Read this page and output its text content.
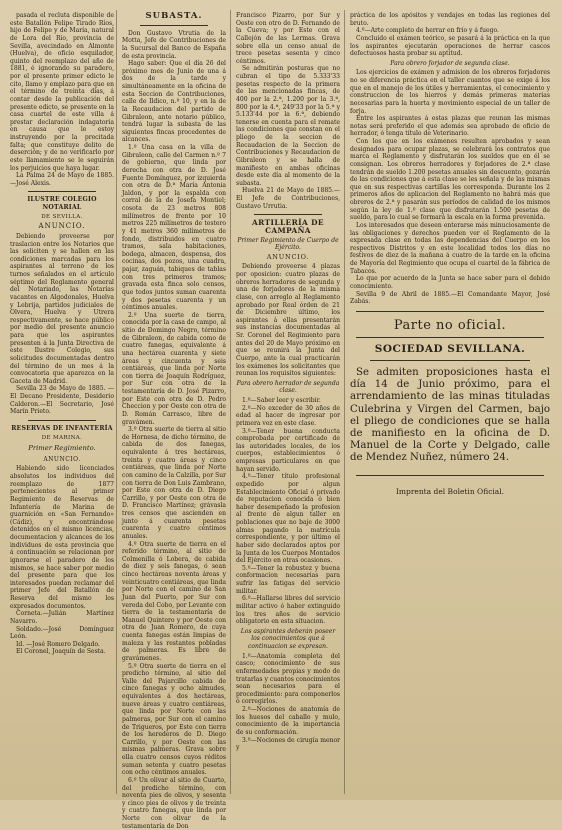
pasada el recluta disponible de este Batallón Felipe Tirado Ríos, hijo de Felipe y de María, natural de Lora del Río, provincia de Sevilla, avecindado en Almonte (Huelva), de oficio esquilador, quinto del reemplazo del año de 1881, é ignorando su paradero, por el presente primer edicto le cito, llamo y emplazo para que en el término de treinta días, á contar desde la publicación del presente edicto, se presente en la casa cuartel de este villa á prestar declaración indagatoria en causa que le estoy instruyendo por la precitada falta; que constituye delito de deserción; y de no verificarlo por este llamamiento se le seguirán los perjuicios que haya lugar.

La Palma 24 de Mayo de 1885.—José Alexis.

ILUSTRE COLEGIO NOTARIAL
DE SEVILLA.
ANUNCIO.

Debiendo proveerse por traslacion entre los Notarios que las soliciten y se hallen en las condiciones marcadas para los aspirantes al terreno de los turnos señalados en el artículo séptimo del Reglamento general del Notariado, las Notarías vacantes en Algodonales, Huelva y Lebrija, partidos judiciales de Olvera, Huelva y Utrera respectivamente, se hace público por medio del presente anuncio para que los aspirantes presenten á la Junta Directiva de este Ilustre Colegio, sus solicitudes documentadas dentro del término de un mes á la convocatoria que aparezca en la Gaceta de Madrid.

Sevilla 23 de Mayo de 1885. —El Decano Presidente, Desiderio Calderon.—El Secretario, José Marín Prieto.

RESERVAS DE INFANTERÍA
DE MARINA.
Primer Regimiento.
ANUNCIO.

Habiendo sido licenciados absolutos los individuos del reemplazo de 1877 pertenecientes al primer Regimiento de Reservas de Infantería de Marina de guarnición en «San Fernando» (Cádiz), y encontrándose detenidos en el mismo licencias, documentacion y alcances de los individuos de esta provincia que á continuación se relacionan por ignorarse el paradero de los mismos, se hace saber por medio del presente para que los interesados puedan reclamar del primer Jefe del Batallón de Reserva del mismo los expresados documentos.

Corneta.—Julián Martínez Navarro.

Soldado.—José Domínguez León.

Id. —José Romero Delgado.

El Coronel, Joaquín de Sesta.

SUBASTA.

Don Gustavo Vtrutia de la Motta, Jefe de Contribuciones de la Sucursal del Banco de España de esta provincia.

Hago saber: Que el día 26 del próximo mes de Junio de una á dos de la tarde y simultáneamente en la oficina de esta Seccion de Contribuciones, calle de Ildico, n.º 10, y en la de la Recaudacion del partido de Gibraleon, ante notario público, tendrá lugar la subasta de las siguientes fincas procedentes de alcances.

1.º Una casa en la villa de Gibraleon, calle del Carmen n.º 7 de gobierno, que linda por derecha con otra de D. José Fuente Domínguez, por izquierda con otra de D.ª María Antonia Jaldon, y por la espalda con corral de la de Josefa Montiel; cosota de 23 metros 808 milímetros de frente por 10 metros 225 milímetros de testero y 41 metros 360 milímetros de fondo, distribuidos en cuatro tramos, sala habitaciones, bodega, almacen, despensa, dos cocinas, dos pozos, una cuadra, pajar, zaguán, tabiques de tablas con tres primeros tramos; gravada esta finca solo censos, que todos juntos suman cuarenta y dos pesetas cuarenta y un céntimos anuales.

2.º Una suerte de tierra, conocida por la casa de campo, al sitio de Domingo Negro, término de Gibraleon, de cabida como de cuatro fanegas, equivalente á una hectárea cuarenta y siete áreas y cincuenta y seis centiáreas, que linda por Norte con tierra de Joaquín Rodríguez, por Sur con otra de la testamentaría de D. José Pizarro, por Este con otra de D. Pedro Checcion y por Oeste con otra de D. Román Carrasco, libre de gravámen.

3.º Otra suerte de tierra al sitio de Hornesa, de dicho término, de cabida de dos fanegas, equivalente á tres hectáreas, treinta y cuatro áreas y cinco centiáreas, que linda por Norte con camino de la Calzilla, por Sur con tierra de Don Luis Zambrano, por Este con otra de D. Diego Carrillo, y por Oeste con otra de D. Francisco Martínez; grávasla tres censos que ascienden en junto á cuarenta pesetas cuarenta y cuatro céntimos anuales.

4.º Otra suerte de tierra en el referido término, al sitio de Colmenilla ó Lobera, de cabida de diez y seis fanegas, ó sean cinco hectáreas noventa áreas y veinticuatro centiáreas, que linda por Norte con el camino de San Juan del Puerto, por Sur con vereda del Cobo, por Levante con tierra de la testamentaría de Manuel Quintero y por Oeste con otra de Juan Romero, de cuya cuenta fanegas están limpias de maleza y las restantes pobladas de palmeras. Es libre de gravámenes.

5.º Otra suerte de tierra en el predicho término, al sitio del Valle del Pajarcillo cabida de cinco fanegas y ocho almudes, equivalentes á dos hectáreas, nueve áreas y cuatro centiáreas, que linda por Norte con las palmeras, por Sur con el camino de Trigueros, por Este con tierra de los herederos de D. Diego Carrillo, y por Oeste con las mismas palmeras. Grava sobre ella cuatro censos cuyos réditos suman setenta y cuatro pesetas con ocho céntimos anuales.

6.º Un olivar al sitio de Cuarto, del predicho término, con noventa pies de olivos, y sesenta y cinco pies de olivos y de treinta y cuatro fanegas, que linda por Norte con olivar de la testamentaría de Don

Francisco Pizarro, por Sur y Oeste con otro de D. Fernando de la Cueva; y por Este con el Callejón de las Lermas. Grava sobre ella un censo anual de trece pesetas sesenta y cinco céntimos.

Se admitirán posturas que no cubran el tipo de 5.333'33 pesetas respecto de la primera de las mencionadas fincas, de 400 por la 2.ª, 1.200 por la 3.ª, 800 por la 4.ª, 249'33 por la 5.ª y 5.133'44 por la 6.ª, debiendo tenerse en cuenta para el remate las condiciones que constan en el pliego de la seccion de Recaudacion de la Seccion de Contribuciones y Recaudacion de Gibraleon y se halla de manifiesto en ambas oficinas desde este día al momento de la subasta.

Huelva 21 de Mayo de 1885.—El Jefe de Contribuciones, Gustavo Urrutia.

ARTILLERÍA DE CAMPAÑA
Primer Regimiento de Cuerpo de Ejército.
ANUNCIO.

Debiendo proveerse 4 plazas por oposicion: cuatro plazas de obreros herradores de segunda y una de forjadores de la misma clase, con arreglo al Reglamento aprobado por Real órden de 21 de Diciembre último, los aspirantes á ellas presentarán sus instancias documentadas al Sr. Coronel del Regimiento para antes del 20 de Mayo próximo en que se reunirá la Junta del Cuerpo, ante la cual practicarán los exámenes los solicitantes que reunan los requisitos siguientes:

Para obrero herrador de segunda clase.

1.º—Saber leer y escribir.

2.º—No exceder de 30 años de edad al hacer de ingresar por primera vez en este clase.

3.º—Tener buena conducta comprobada por certificado de las autoridades locales, de los cuerpos, establecimientos ó empresas particulares en que hayan servido.

4.º—Tener título profesional expedido por algun Establecimiento Oficial ó privado de reputacion conocida ó bien haber desempeñado la profesion al frente de algun taller en poblaciones que no baje de 3000 almas pagando la matrícula correspondiente, y por último el haber sido declarados aptos por la Junta de los Cuerpos Montados del Ejército en otras ocasiones.

5.º—Tener la robustez y buena conformacion necesarias para sufrir las fatigas del servicio militar.

6.º—Hallarse libres del servicio militar activo ó haber extinguido los tres años de servicio obligatorio en esta situacion.

Los aspirantes deberán poseer los conocimientos que á continuacion se expresan.

1.º—Anatomía completa del casco; conocimiento de sus enfermedades propias y modo de tratarlas y cuantos conocimientos sean necesarios para el procedimiento: para componerlos ó corregirlos.

2.º—Nociones de anatomía de los huesos del caballo y mulo, conocimiento de la importancia de su conformación.

3.º—Nociones de cirugía menor y

práctica de los apósitos y vendajes en todas las regiones del bruto.

4.º—Arte completo de herrar en frío y á fuego.

Concluido el exámen teórico, se pasará á la práctica en la que los aspirantes ejecutarán operaciones de herrar cascos defectuosos hasta probar su aptitud.

Para obrero forjador de segunda clase.

Los ejercicios de exámen y admision de los obreros forjadores no se diferencia práctica en el taller cuantos que se exige á los que en el manejo de los útiles y herramientas, el conocimiento y construccion de los hierros y demás primeras materias necesarias para la huerta y movimiento especial de un taller de forja.

Entre los aspirantes á estas plazas que reunan las mismas notas será preferido el que además sea aprobado de oficio de herrador, ó tenga título de Veterinario.

Con los que en los exámenes resulten aprobados y sean designados para ocupar plazas, se celebrará los contratos que marca el Reglamento y disfrutarán los sueldos que en él se consignan. Los obreros herradores y forjadores de 2.ª clase tendrán de sueldo 1.200 pesetas anuales sin descuento, gozarán de las condiciones que á esta clase se les señala y de las mismas que en sus respectivas cartillas les corresponda. Durante los 2 primeros años de aplicacion del Reglamento no habrá más que obreros de 2.ª y pasarán sus períodos de calidad de los mismos según la ley de 1.º clase que disfrutarán 1.500 pesetas de sueldo, para lo cual se formará la escala en la forma prevenida.

Los interesados que deseen enterarse más minuciosamente de las obligaciones y derechos pueden ver el Reglamento de la expresada clase en todas las dependencias del Cuerpo en los respectivos Distritos y en este localidad todos los días no festivos de diez de la mañana á cuatro de la tarde en la oficina de Mayoría del Regimiento que ocupa el cuartel de la fábrica de Tabacos.

Lo que por acuerdo de la Junta se hace saber para el debido conocimiento.

Sevilla 9 de Abril de 1885.—El Comandante Mayor, José Zabás.

Parte no oficial.
SOCIEDAD SEVILLANA.

Se admiten proposiciones hasta el día 14 de Junio próximo, para el arrendamiento de las minas tituladas Culebrina y Virgen del Carmen, bajo el pliego de condiciones que se halla de manifiesto en la oficina de D. Manuel de la Corte y Delgado, calle de Mendez Nuñez, número 24.

Imprenta del Boletin Oficial.
